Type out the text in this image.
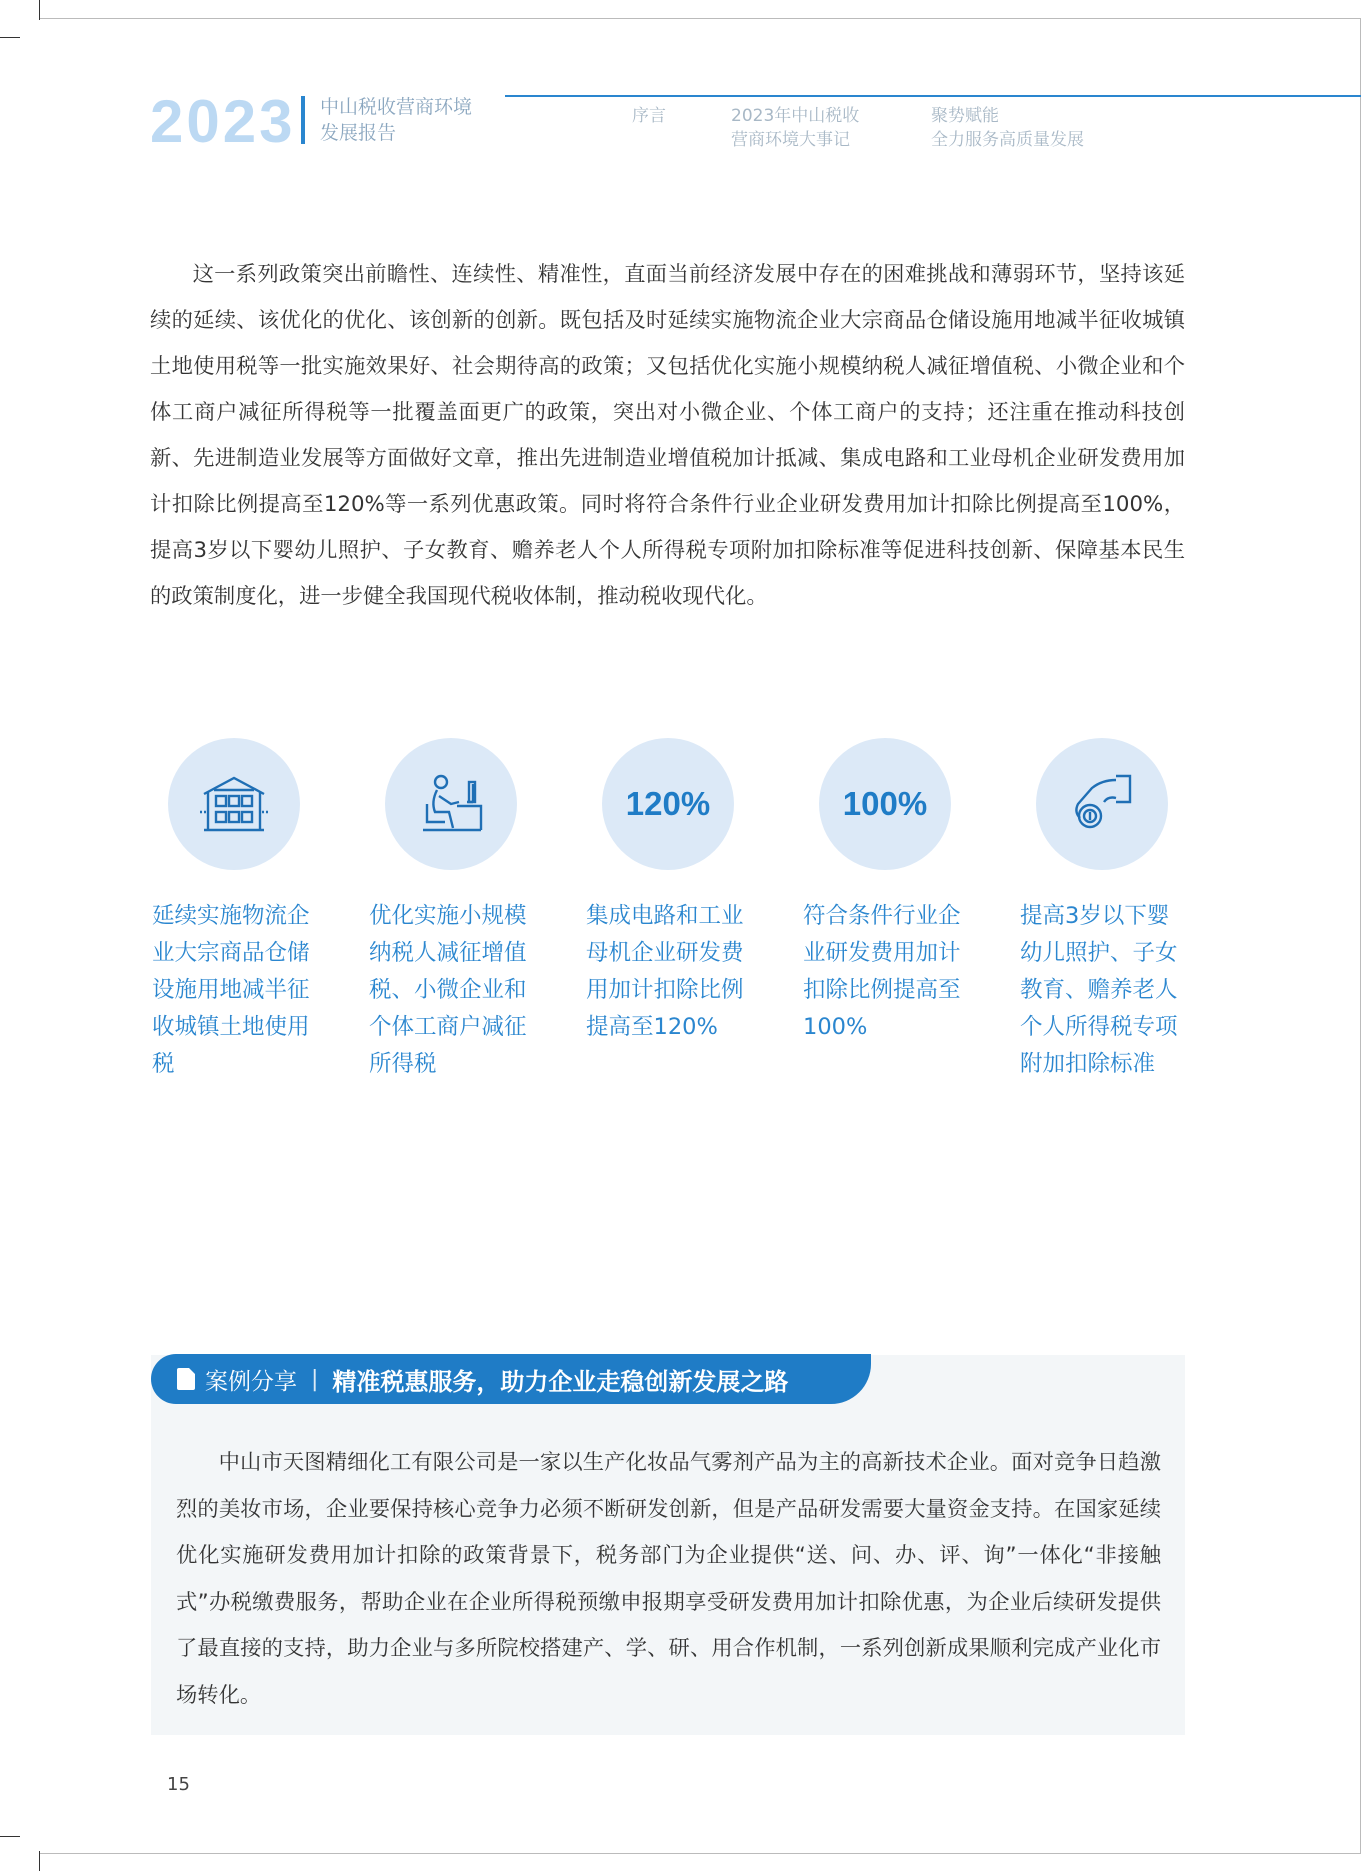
2023 中山税收营商环境
发展报告
序言	2023年中山税收
营商环境大事记
聚势赋能
全力服务高质量发展

这一系列政策突出前瞻性、连续性、精准性，直面当前经济发展中存在的困难挑战和薄弱环节，坚持该延续的延续、该优化的优化、该创新的创新。既包括及时延续实施物流企业大宗商品仓储设施用地减半征收城镇土地使用税等一批实施效果好、社会期待高的政策；又包括优化实施小规模纳税人减征增值税、小微企业和个体工商户减征所得税等一批覆盖面更广的政策，突出对小微企业、个体工商户的支持；还注重在推动科技创新、先进制造业发展等方面做好文章，推出先进制造业增值税加计抵减、集成电路和工业母机企业研发费用加计扣除比例提高至120%等一系列优惠政策。同时将符合条件行业企业研发费用加计扣除比例提高至100%，提高3岁以下婴幼儿照护、子女教育、赡养老人个人所得税专项附加扣除标准等促进科技创新、保障基本民生的政策制度化，进一步健全我国现代税收体制，推动税收现代化。

120%	100%

延续实施物流企业大宗商品仓储设施用地减半征收城镇土地使用税

优化实施小规模纳税人减征增值税、小微企业和个体工商户减征所得税

集成电路和工业母机企业研发费用加计扣除比例提高至120%

符合条件行业企业研发费用加计扣除比例提高至100%

提高3岁以下婴幼儿照护、子女教育、赡养老人个人所得税专项附加扣除标准

案例分享 | 精准税惠服务，助力企业走稳创新发展之路

中山市天图精细化工有限公司是一家以生产化妆品气雾剂产品为主的高新技术企业。面对竞争日趋激烈的美妆市场，企业要保持核心竞争力必须不断研发创新，但是产品研发需要大量资金支持。在国家延续优化实施研发费用加计扣除的政策背景下，税务部门为企业提供“送、问、办、评、询”一体化“非接触式”办税缴费服务，帮助企业在企业所得税预缴申报期享受研发费用加计扣除优惠，为企业后续研发提供了最直接的支持，助力企业与多所院校搭建产、学、研、用合作机制，一系列创新成果顺利完成产业化市场转化。

15
